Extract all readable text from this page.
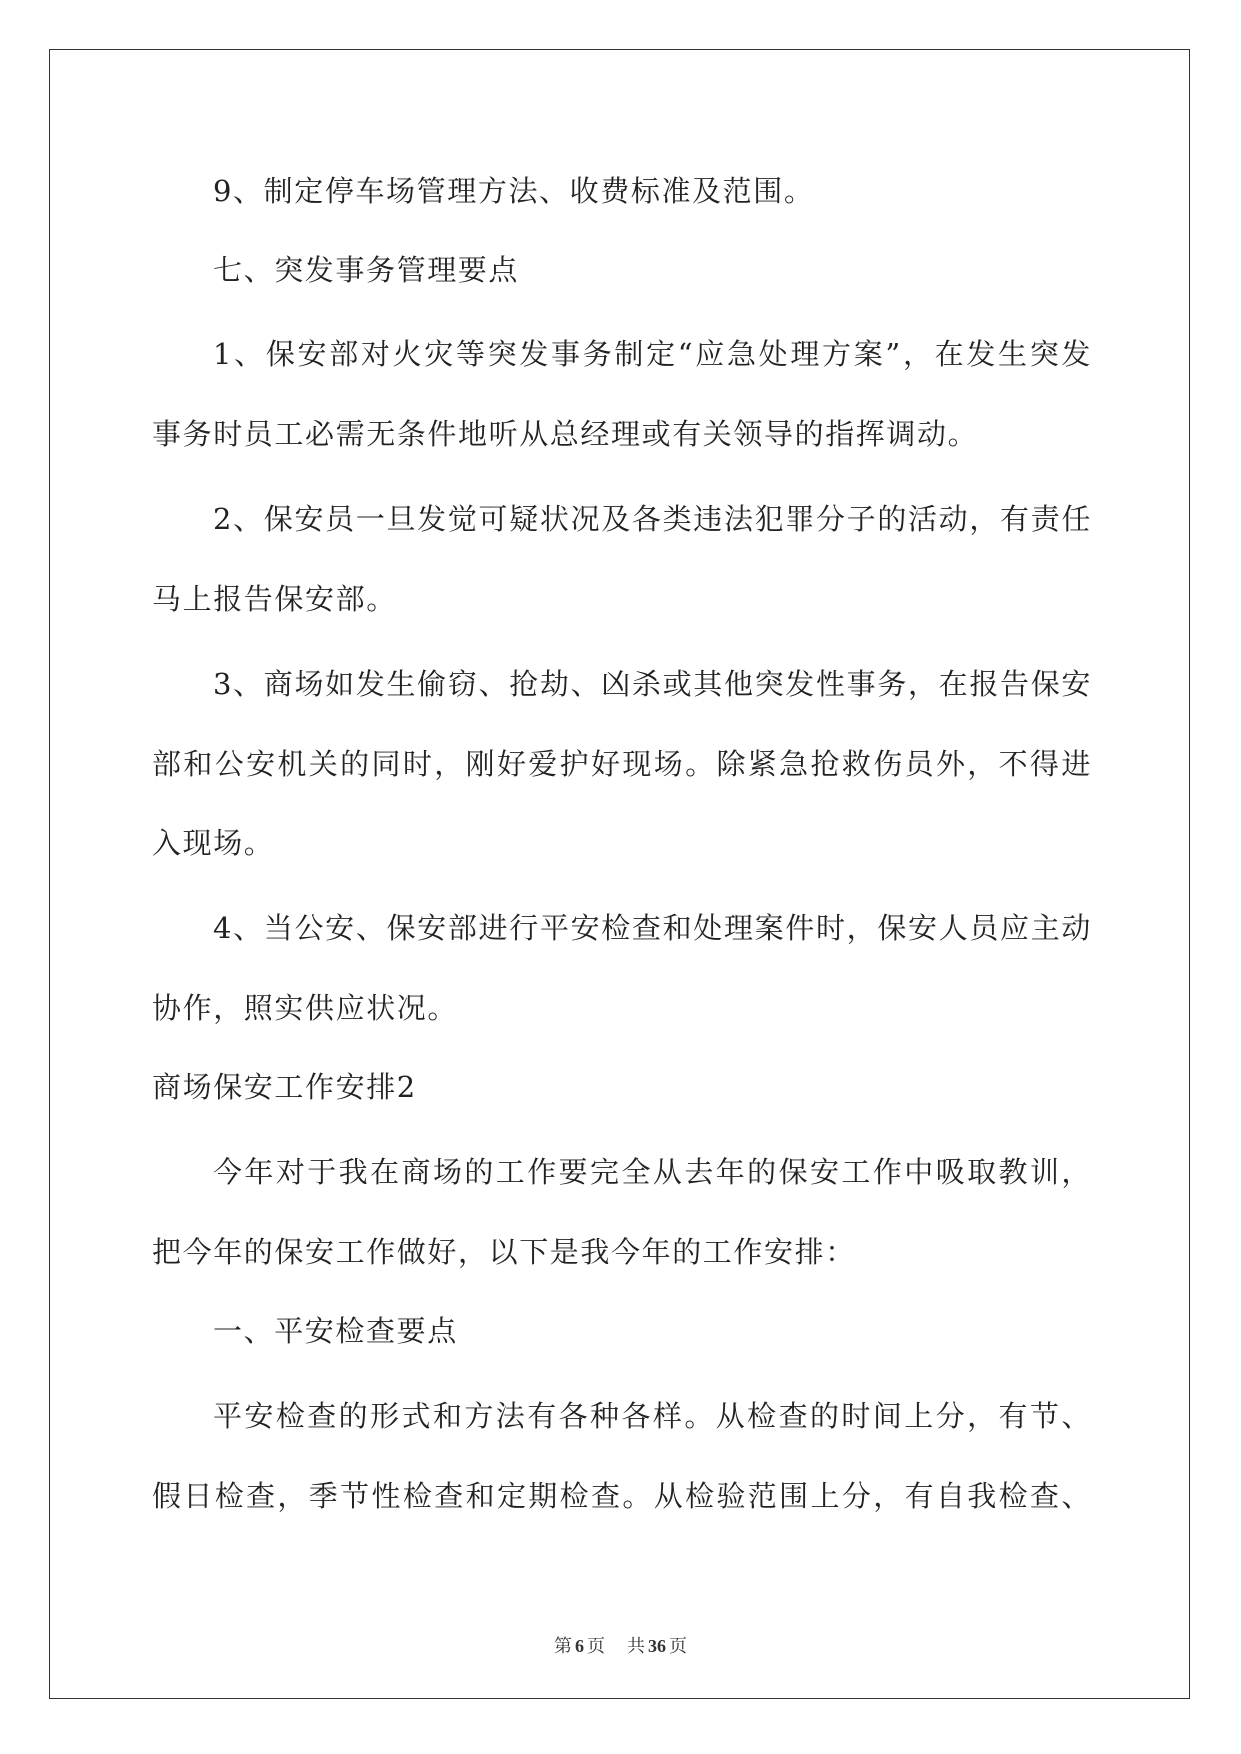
9、制定停车场管理方法、收费标准及范围。
七、突发事务管理要点
1、保安部对火灾等突发事务制定“应急处理方案”，在发生突发
事务时员工必需无条件地听从总经理或有关领导的指挥调动。
2、保安员一旦发觉可疑状况及各类违法犯罪分子的活动，有责任
马上报告保安部。
3、商场如发生偷窃、抢劫、凶杀或其他突发性事务，在报告保安
部和公安机关的同时，刚好爱护好现场。除紧急抢救伤员外，不得进
入现场。
4、当公安、保安部进行平安检查和处理案件时，保安人员应主动
协作，照实供应状况。
商场保安工作安排2
今年对于我在商场的工作要完全从去年的保安工作中吸取教训，
把今年的保安工作做好，以下是我今年的工作安排：
一、平安检查要点
平安检查的形式和方法有各种各样。从检查的时间上分，有节、
假日检查，季节性检查和定期检查。从检验范围上分，有自我检查、
第 6 页 共 36 页
